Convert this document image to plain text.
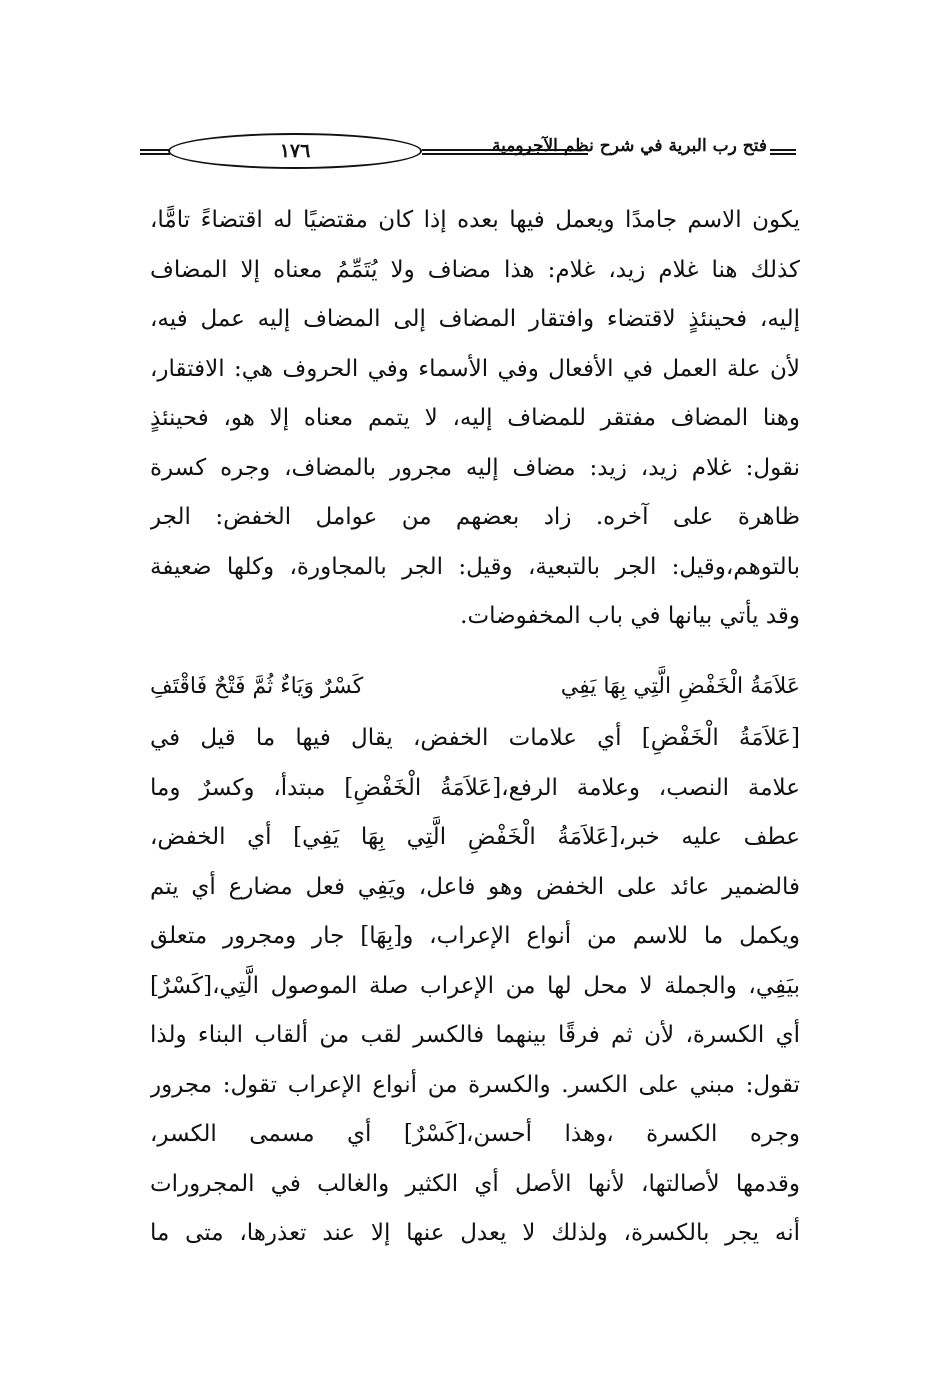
فتح رب البرية في شرح نظم الآجرومية
١٧٦
يكون الاسم جامدًا ويعمل فيها بعده إذا كان مقتضيًا له اقتضاءً تامًّا،
كذلك هنا غلام زيد، غلام: هذا مضاف ولا يُتَمِّمُ معناه إلا المضاف
إليه، فحينئذٍ لاقتضاء وافتقار المضاف إلى المضاف إليه عمل فيه،
لأن علة العمل في الأفعال وفي الأسماء وفي الحروف هي: الافتقار،
وهنا المضاف مفتقر للمضاف إليه، لا يتمم معناه إلا هو، فحينئذٍ
نقول: غلام زيد، زيد: مضاف إليه مجرور بالمضاف، وجره كسرة
ظاهرة على آخره. زاد بعضهم من عوامل الخفض: الجر
بالتوهم،وقيل: الجر بالتبعية، وقيل: الجر بالمجاورة، وكلها ضعيفة
وقد يأتي بيانها في باب المخفوضات.
عَلاَمَةُ الْخَفْضِ الَّتِي بِهَا يَفِي
كَسْرٌ وَيَاءٌ ثُمَّ فَتْحٌ فَاقْتَفِ
[عَلاَمَةُ الْخَفْضِ] أي علامات الخفض، يقال فيها ما قيل في
علامة النصب، وعلامة الرفع،[عَلاَمَةُ الْخَفْضِ] مبتدأ، وكسرٌ وما
عطف عليه خبر،[عَلاَمَةُ الْخَفْضِ الَّتِي بِهَا يَفِي] أي الخفض،
فالضمير عائد على الخفض وهو فاعل، ويَفِي فعل مضارع أي يتم
ويكمل ما للاسم من أنواع الإعراب، و[بِهَا] جار ومجرور متعلق
بيَفِي، والجملة لا محل لها من الإعراب صلة الموصول الَّتِي،[كَسْرٌ]
أي الكسرة، لأن ثم فرقًا بينهما فالكسر لقب من ألقاب البناء ولذا
تقول: مبني على الكسر. والكسرة من أنواع الإعراب تقول: مجرور
وجره الكسرة ،وهذا أحسن،[كَسْرٌ] أي مسمى الكسر،
وقدمها لأصالتها، لأنها الأصل أي الكثير والغالب في المجرورات
أنه يجر بالكسرة، ولذلك لا يعدل عنها إلا عند تعذرها، متى ما
